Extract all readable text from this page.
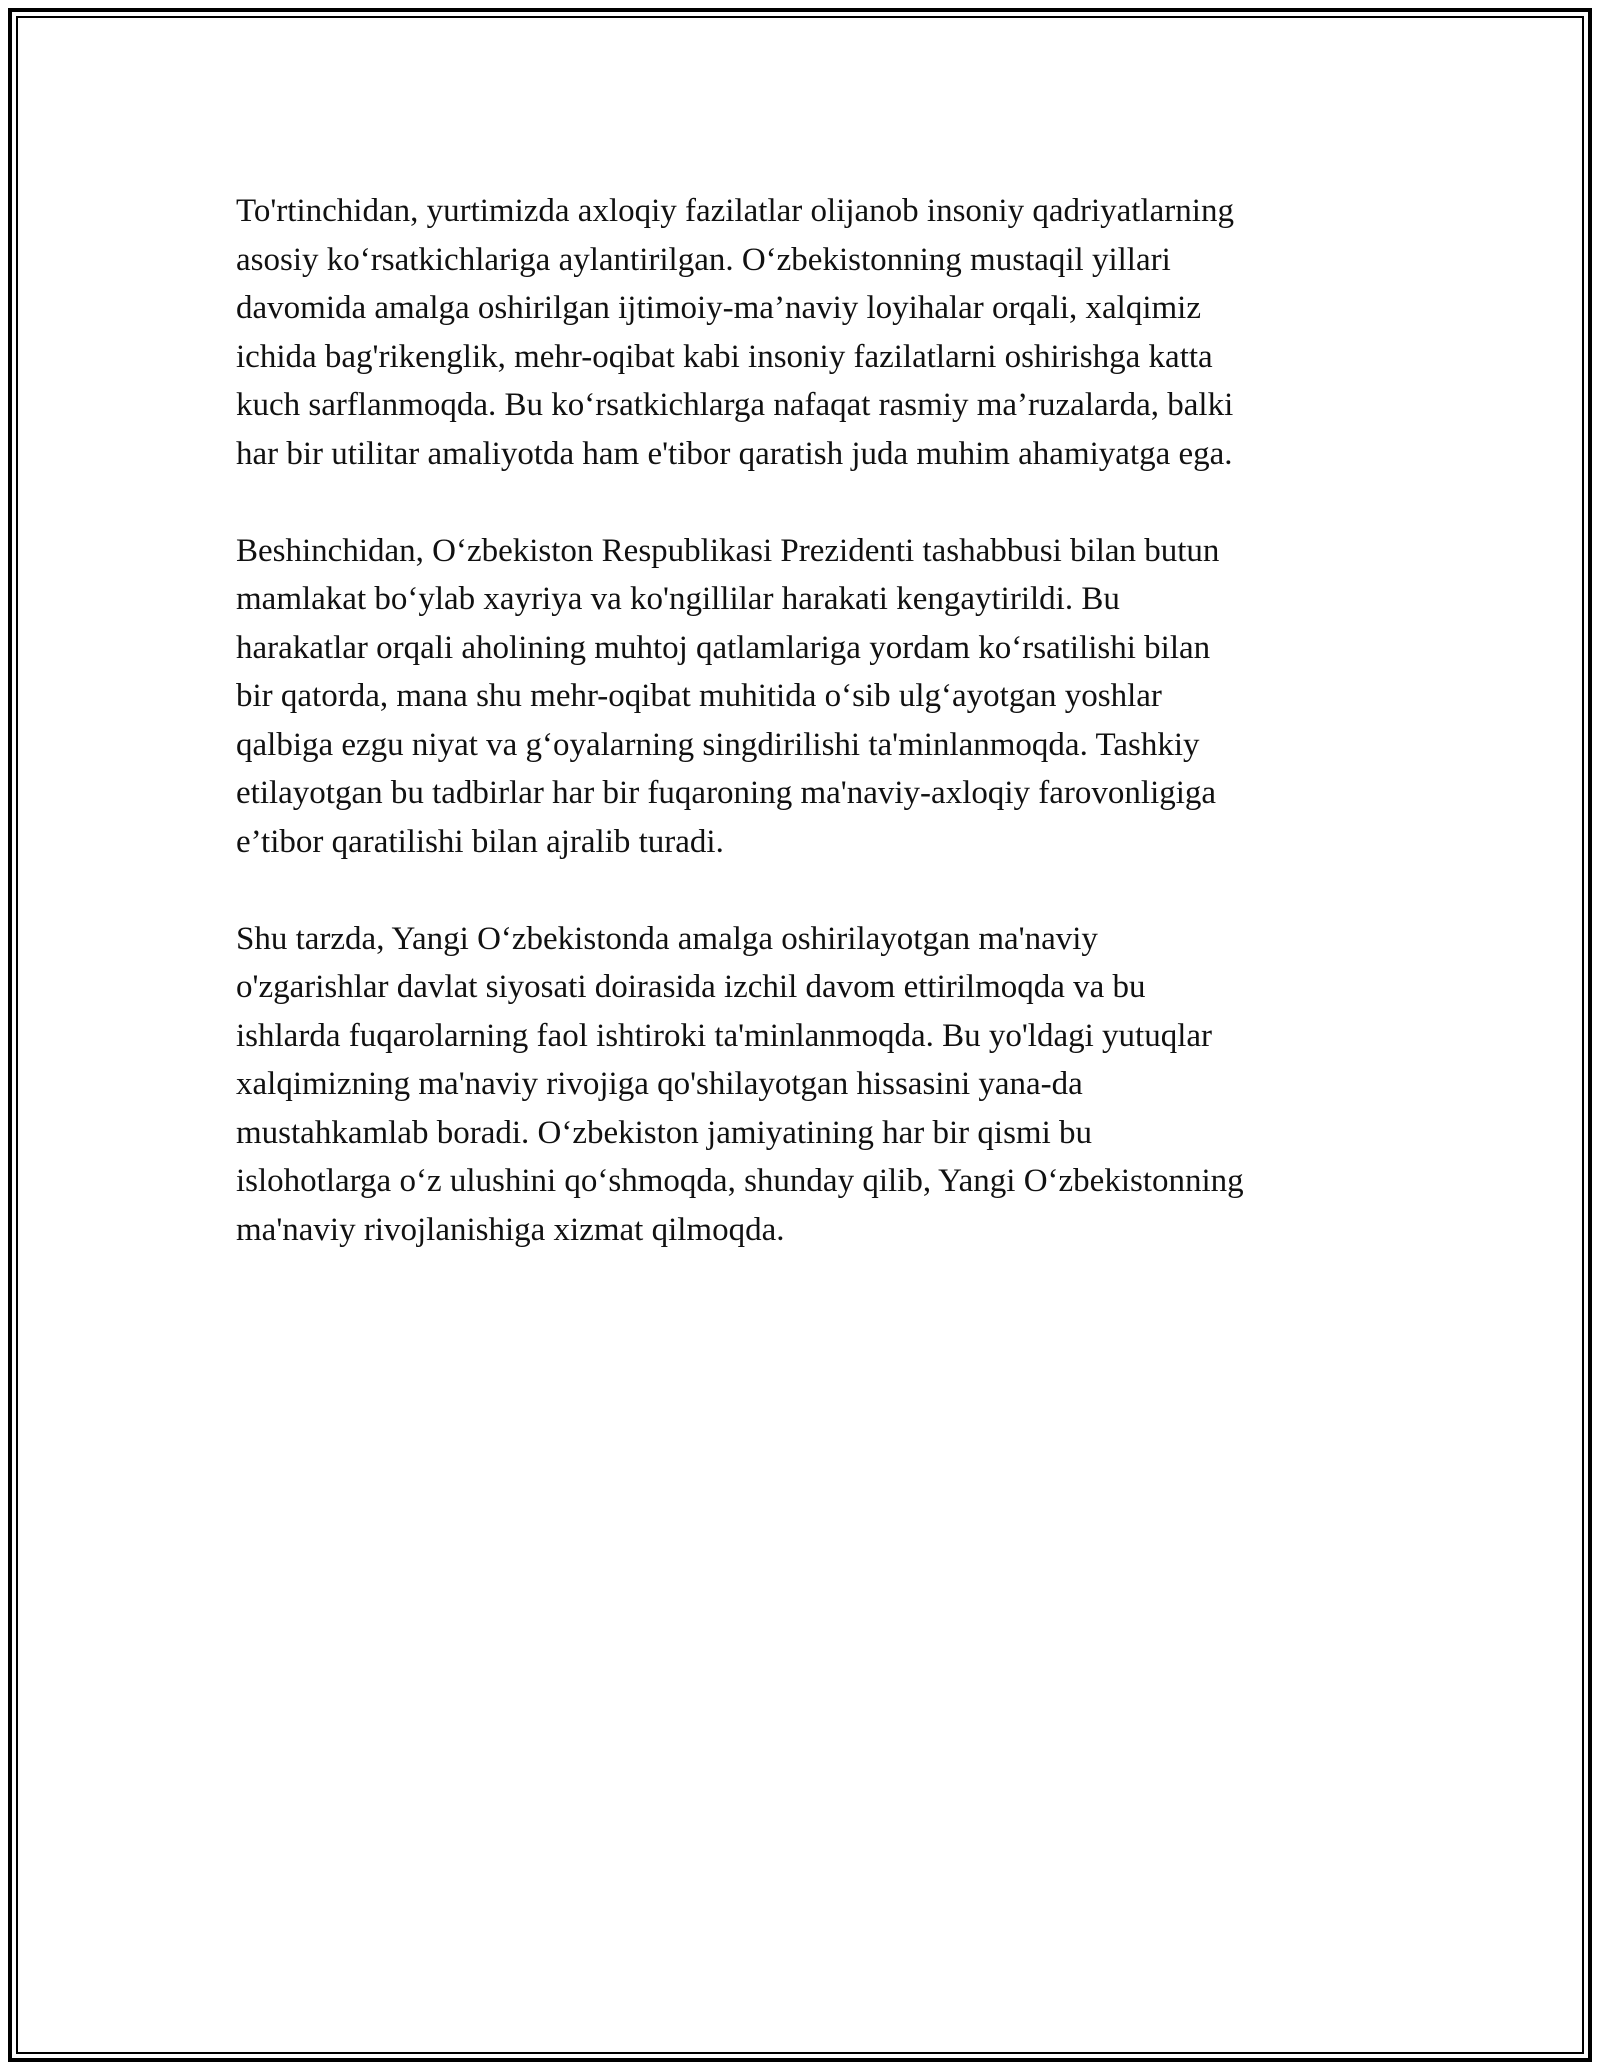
To'rtinchidan, yurtimizda axloqiy fazilatlar olijanob insoniy qadriyatlarning
asosiy ko‘rsatkichlariga aylantirilgan. O‘zbekistonning mustaqil yillari
davomida amalga oshirilgan ijtimoiy-ma’naviy loyihalar orqali, xalqimiz
ichida bag'rikenglik, mehr-oqibat kabi insoniy fazilatlarni oshirishga katta
kuch sarflanmoqda. Bu ko‘rsatkichlarga nafaqat rasmiy ma’ruzalarda, balki
har bir utilitar amaliyotda ham e'tibor qaratish juda muhim ahamiyatga ega.

Beshinchidan, O‘zbekiston Respublikasi Prezidenti tashabbusi bilan butun
mamlakat bo‘ylab xayriya va ko'ngillilar harakati kengaytirildi. Bu
harakatlar orqali aholining muhtoj qatlamlariga yordam ko‘rsatilishi bilan
bir qatorda, mana shu mehr-oqibat muhitida o‘sib ulg‘ayotgan yoshlar
qalbiga ezgu niyat va g‘oyalarning singdirilishi ta'minlanmoqda. Tashkiy
etilayotgan bu tadbirlar har bir fuqaroning ma'naviy-axloqiy farovonligiga
e’tibor qaratilishi bilan ajralib turadi.

Shu tarzda, Yangi O‘zbekistonda amalga oshirilayotgan ma'naviy
o'zgarishlar davlat siyosati doirasida izchil davom ettirilmoqda va bu
ishlarda fuqarolarning faol ishtiroki ta'minlanmoqda. Bu yo'ldagi yutuqlar
xalqimizning ma'naviy rivojiga qo'shilayotgan hissasini yana-da
mustahkamlab boradi. O‘zbekiston jamiyatining har bir qismi bu
islohotlarga o‘z ulushini qo‘shmoqda, shunday qilib, Yangi O‘zbekistonning
ma'naviy rivojlanishiga xizmat qilmoqda.
